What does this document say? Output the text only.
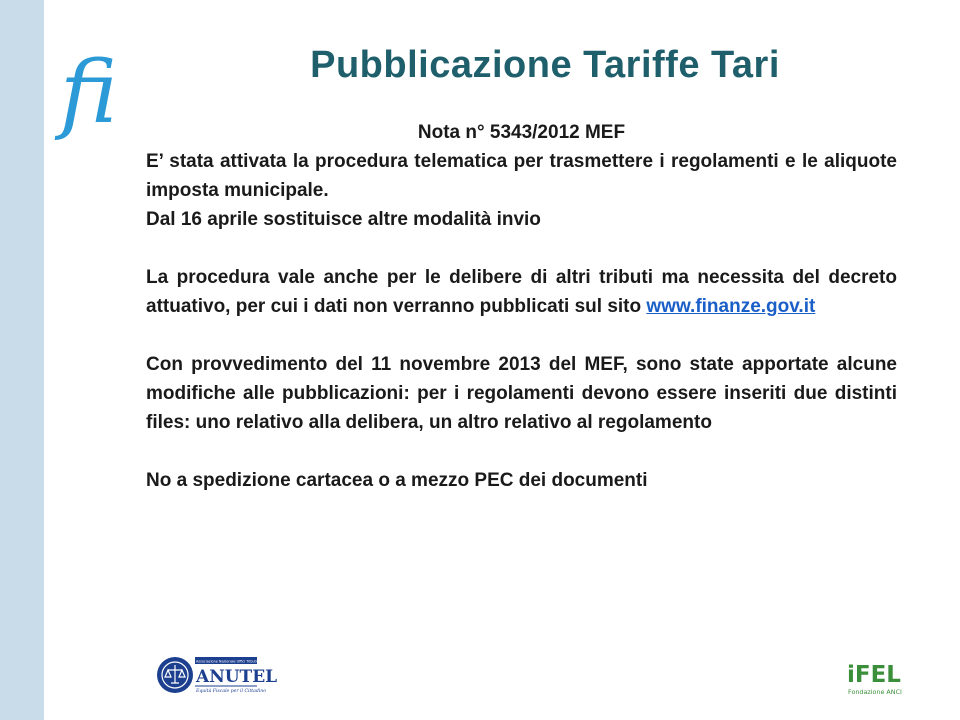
fi	Pubblicazione Tariffe Tari

Nota n° 5343/2012 MEF

E’ stata attivata la procedura telematica per trasmettere i regolamenti e le aliquote imposta municipale.

Dal 16 aprile sostituisce altre modalità invio

La procedura vale anche per le delibere di altri tributi ma necessita del decreto attuativo, per cui i dati non verranno pubblicati sul sito www.finanze.gov.it

Con provvedimento del 11 novembre 2013 del MEF, sono state apportate alcune modifiche alle pubblicazioni: per i regolamenti devono essere inseriti due distinti files: uno relativo alla delibera, un altro relativo al regolamento

No a spedizione cartacea o a mezzo PEC dei documenti

Associazione Nazionale Uffici Tributi Enti Locali
ANUTEL
Equità Fiscale per il Cittadino
iFEL
Fondazione ANCI
